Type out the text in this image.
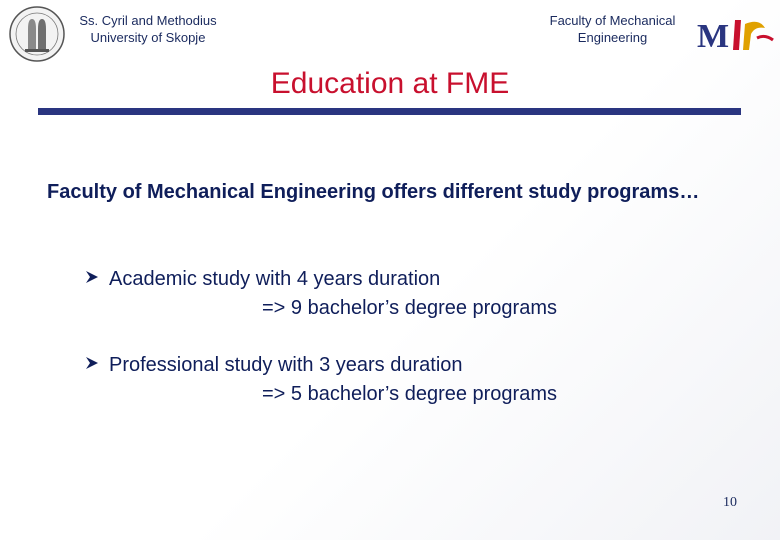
Ss. Cyril and Methodius
University of Skopje
Faculty of Mechanical
Engineering	M
Education at FME
Faculty of Mechanical Engineering offers different study programs…
Academic study with 4 years duration
=> 9 bachelor’s degree programs
Professional study with 3 years duration
=> 5 bachelor’s degree programs
10
